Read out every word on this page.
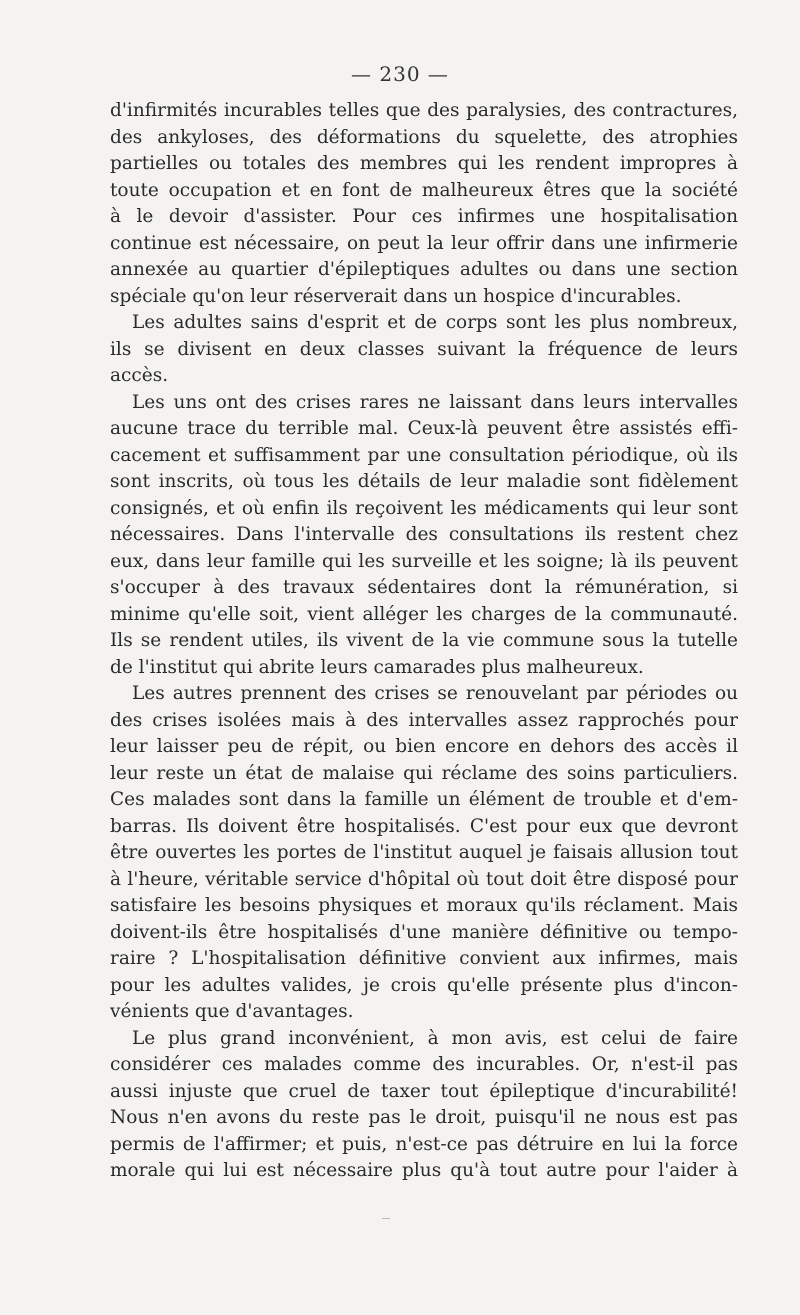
— 230 —
d'infirmités incurables telles que des paralysies, des contractures,
des ankyloses, des déformations du squelette, des atrophies
partielles ou totales des membres qui les rendent impropres à
toute occupation et en font de malheureux êtres que la société
à le devoir d'assister. Pour ces infirmes une hospitalisation
continue est nécessaire, on peut la leur offrir dans une infirmerie
annexée au quartier d'épileptiques adultes ou dans une section
spéciale qu'on leur réserverait dans un hospice d'incurables.
Les adultes sains d'esprit et de corps sont les plus nombreux,
ils se divisent en deux classes suivant la fréquence de leurs
accès.
Les uns ont des crises rares ne laissant dans leurs intervalles
aucune trace du terrible mal. Ceux-là peuvent être assistés effi-
cacement et suffisamment par une consultation périodique, où ils
sont inscrits, où tous les détails de leur maladie sont fidèlement
consignés, et où enfin ils reçoivent les médicaments qui leur sont
nécessaires. Dans l'intervalle des consultations ils restent chez
eux, dans leur famille qui les surveille et les soigne; là ils peuvent
s'occuper à des travaux sédentaires dont la rémunération, si
minime qu'elle soit, vient alléger les charges de la communauté.
Ils se rendent utiles, ils vivent de la vie commune sous la tutelle
de l'institut qui abrite leurs camarades plus malheureux.
Les autres prennent des crises se renouvelant par périodes ou
des crises isolées mais à des intervalles assez rapprochés pour
leur laisser peu de répit, ou bien encore en dehors des accès il
leur reste un état de malaise qui réclame des soins particuliers.
Ces malades sont dans la famille un élément de trouble et d'em-
barras. Ils doivent être hospitalisés. C'est pour eux que devront
être ouvertes les portes de l'institut auquel je faisais allusion tout
à l'heure, véritable service d'hôpital où tout doit être disposé pour
satisfaire les besoins physiques et moraux qu'ils réclament. Mais
doivent-ils être hospitalisés d'une manière définitive ou tempo-
raire ? L'hospitalisation définitive convient aux infirmes, mais
pour les adultes valides, je crois qu'elle présente plus d'incon-
vénients que d'avantages.
Le plus grand inconvénient, à mon avis, est celui de faire
considérer ces malades comme des incurables. Or, n'est-il pas
aussi injuste que cruel de taxer tout épileptique d'incurabilité!
Nous n'en avons du reste pas le droit, puisqu'il ne nous est pas
permis de l'affirmer; et puis, n'est-ce pas détruire en lui la force
morale qui lui est nécessaire plus qu'à tout autre pour l'aider à
